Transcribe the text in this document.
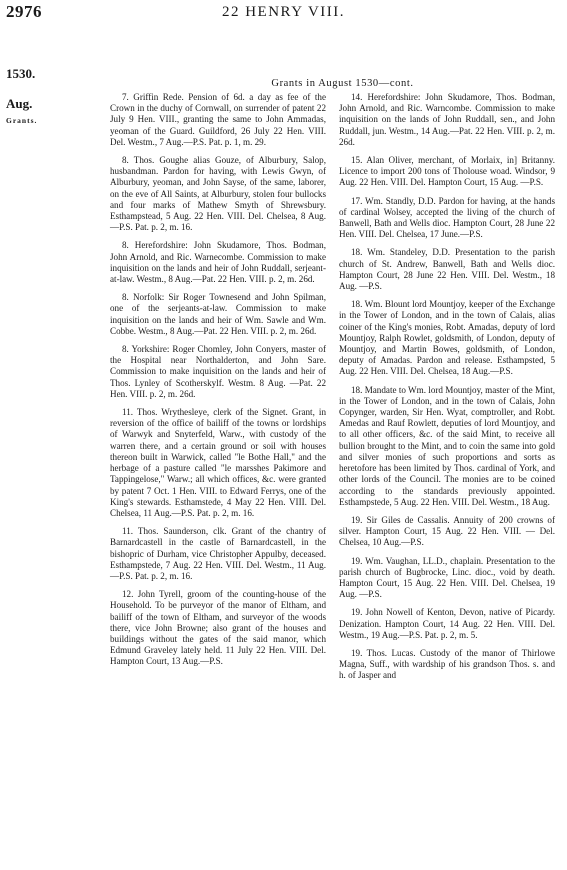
2976	22 HENRY VIII.
1530.
Grants in August 1530—cont.
Aug.
Grants.

7. Griffin Rede. Pension of 6d. a day as fee of the Crown in the duchy of Cornwall, on surrender of patent 22 July 9 Hen. VIII., granting the same to John Ammadas, yeoman of the Guard. Guildford, 26 July 22 Hen. VIII. Del. Westm., 7 Aug.—P.S. Pat. p. 1, m. 29.

8. Thos. Goughe alias Gouze, of Alburbury, Salop, husbandman. Pardon for having, with Lewis Gwyn, of Alburbury, yeoman, and John Sayse, of the same, laborer, on the eve of All Saints, at Alburbury, stolen four bullocks and four marks of Mathew Smyth of Shrewsbury. Esthampstead, 5 Aug. 22 Hen. VIII. Del. Chelsea, 8 Aug.—P.S. Pat. p. 2, m. 16.

8. Herefordshire: John Skudamore, Thos. Bodman, John Arnold, and Ric. Warnecombe. Commission to make inquisition on the lands and heir of John Ruddall, serjeant-at-law. Westm., 8 Aug.—Pat. 22 Hen. VIII. p. 2, m. 26d.

8. Norfolk: Sir Roger Townesend and John Spilman, one of the serjeants-at-law. Commission to make inquisition on the lands and heir of Wm. Sawle and Wm. Cobbe. Westm., 8 Aug.—Pat. 22 Hen. VIII. p. 2, m. 26d.

8. Yorkshire: Roger Chomley, John Conyers, master of the Hospital near Northalderton, and John Sare. Commission to make inquisition on the lands and heir of Thos. Lynley of Scotherskylf. Westm. 8 Aug. —Pat. 22 Hen. VIII. p. 2, m. 26d.

11. Thos. Wrythesleye, clerk of the Signet. Grant, in reversion of the office of bailiff of the towns or lordships of Warwyk and Snyterfeld, Warw., with custody of the warren there, and a certain ground or soil with houses thereon built in Warwick, called "le Bothe Hall," and the herbage of a pasture called "le marsshes Pakimore and Tappingelose," Warw.; all which offices, &c. were granted by patent 7 Oct. 1 Hen. VIII. to Edward Ferrys, one of the King's stewards. Esthamstede, 4 May 22 Hen. VIII. Del. Chelsea, 11 Aug.—P.S. Pat. p. 2, m. 16.

11. Thos. Saunderson, clk. Grant of the chantry of Barnardcastell in the castle of Barnardcastell, in the bishopric of Durham, vice Christopher Appulby, deceased. Esthampstede, 7 Aug. 22 Hen. VIII. Del. Westm., 11 Aug.—P.S. Pat. p. 2, m. 16.

12. John Tyrell, groom of the counting-house of the Household. To be purveyor of the manor of Eltham, and bailiff of the town of Eltham, and surveyor of the woods there, vice John Browne; also grant of the houses and buildings without the gates of the said manor, which Edmund Graveley lately held. 11 July 22 Hen. VIII. Del. Hampton Court, 13 Aug.—P.S.

14. Herefordshire: John Skudamore, Thos. Bodman, John Arnold, and Ric. Warncombe. Commission to make inquisition on the lands of John Ruddall, sen., and John Ruddall, jun. Westm., 14 Aug.—Pat. 22 Hen. VIII. p. 2, m. 26d.

15. Alan Oliver, merchant, of Morlaix, in] Britanny. Licence to import 200 tons of Tholouse woad. Windsor, 9 Aug. 22 Hen. VIII. Del. Hampton Court, 15 Aug. —P.S.

17. Wm. Standly, D.D. Pardon for having, at the hands of cardinal Wolsey, accepted the living of the church of Banwell, Bath and Wells dioc. Hampton Court, 28 June 22 Hen. VIII. Del. Chelsea, 17 June.—P.S.

18. Wm. Standeley, D.D. Presentation to the parish church of St. Andrew, Banwell, Bath and Wells dioc. Hampton Court, 28 June 22 Hen. VIII. Del. Westm., 18 Aug. —P.S.

18. Wm. Blount lord Mountjoy, keeper of the Exchange in the Tower of London, and in the town of Calais, alias coiner of the King's monies, Robt. Amadas, deputy of lord Mountjoy, Ralph Rowlet, goldsmith, of London, deputy of Mountjoy, and Martin Bowes, goldsmith, of London, deputy of Amadas. Pardon and release. Esthampsted, 5 Aug. 22 Hen. VIII. Del. Chelsea, 18 Aug.—P.S.

18. Mandate to Wm. lord Mountjoy, master of the Mint, in the Tower of London, and in the town of Calais, John Copynger, warden, Sir Hen. Wyat, comptroller, and Robt. Amedas and Rauf Rowlett, deputies of lord Mountjoy, and to all other officers, &c. of the said Mint, to receive all bullion brought to the Mint, and to coin the same into gold and silver monies of such proportions and sorts as heretofore has been limited by Thos. cardinal of York, and other lords of the Council. The monies are to be coined according to the standards previously appointed. Esthampstede, 5 Aug. 22 Hen. VIII. Del. Westm., 18 Aug.

19. Sir Giles de Cassalis. Annuity of 200 crowns of silver. Hampton Court, 15 Aug. 22 Hen. VIII. — Del. Chelsea, 10 Aug.—P.S.

19. Wm. Vaughan, LL.D., chaplain. Presentation to the parish church of Bugbrocke, Linc. dioc., void by death. Hampton Court, 15 Aug. 22 Hen. VIII. Del. Chelsea, 19 Aug. —P.S.

19. John Nowell of Kenton, Devon, native of Picardy. Denization. Hampton Court, 14 Aug. 22 Hen. VIII. Del. Westm., 19 Aug.—P.S. Pat. p. 2, m. 5.

19. Thos. Lucas. Custody of the manor of Thirlowe Magna, Suff., with wardship of his grandson Thos. s. and h. of Jasper and
